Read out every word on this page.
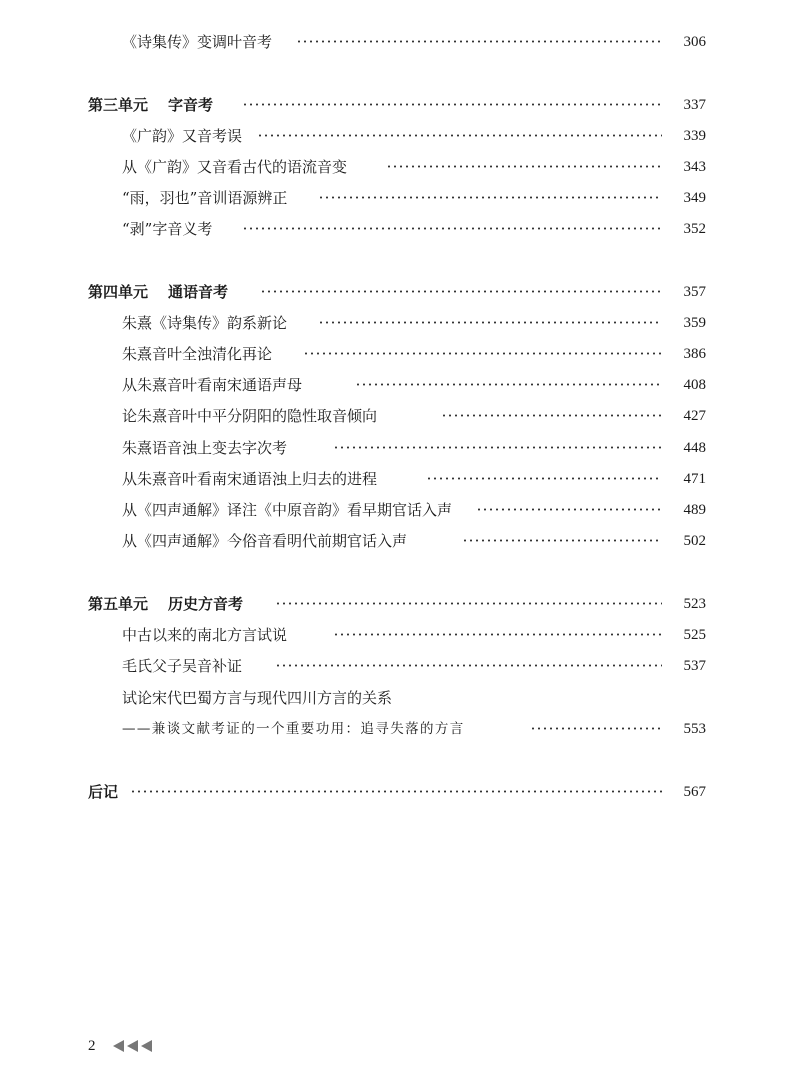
《诗集传》变调叶音考	306
第三单元 字音考	337
《广韵》又音考误	339
从《广韵》又音看古代的语流音变	343
“雨，羽也”音训语源辨正	349
“剥”字音义考	352
第四单元 通语音考	357
朱熹《诗集传》韵系新论	359
朱熹音叶全浊清化再论	386
从朱熹音叶看南宋通语声母	408
论朱熹音叶中平分阴阳的隐性取音倾向	427
朱熹语音浊上变去字次考	448
从朱熹音叶看南宋通语浊上归去的进程	471
从《四声通解》译注《中原音韵》看早期官话入声	489
从《四声通解》今俗音看明代前期官话入声	502
第五单元 历史方音考	523
中古以来的南北方言试说	525
毛氏父子吴音补证	537
试论宋代巴蜀方言与现代四川方言的关系
——兼谈文献考证的一个重要功用：追寻失落的方言	553
后记	567
2
